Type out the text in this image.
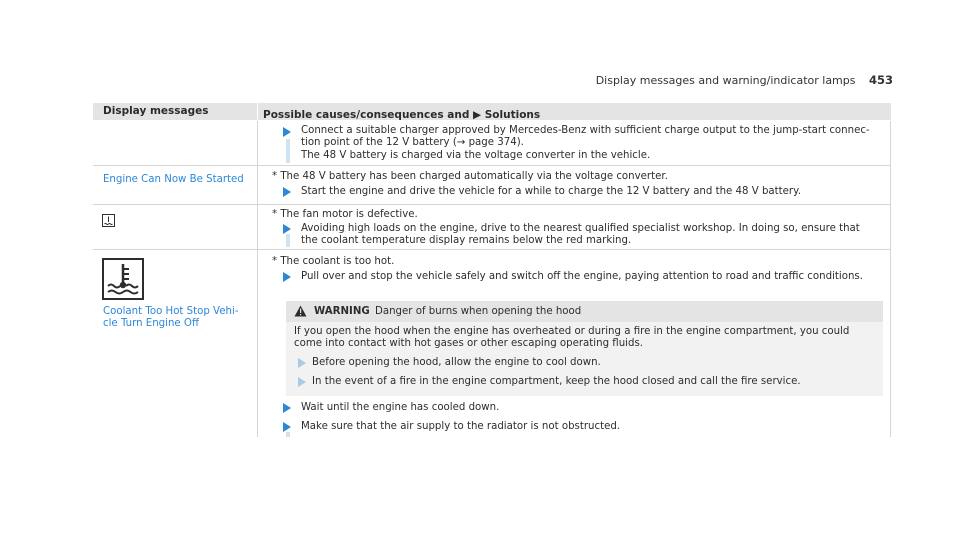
Display messages and warning/indicator lamps 453
Display messages	Possible causes/consequences and ▶ Solutions
Connect a suitable charger approved by Mercedes-Benz with sufficient charge output to the jump-start connec-
tion point of the 12 V battery (→ page 374).
The 48 V battery is charged via the voltage converter in the vehicle.
Engine Can Now Be Started	* The 48 V battery has been charged automatically via the voltage converter.
Start the engine and drive the vehicle for a while to charge the 12 V battery and the 48 V battery.
* The fan motor is defective.
Avoiding high loads on the engine, drive to the nearest qualified specialist workshop. In doing so, ensure that
the coolant temperature display remains below the red marking.
Coolant Too Hot Stop Vehi-
cle Turn Engine Off
* The coolant is too hot.
Pull over and stop the vehicle safely and switch off the engine, paying attention to road and traffic conditions.
WARNING Danger of burns when opening the hood
If you open the hood when the engine has overheated or during a fire in the engine compartment, you could
come into contact with hot gases or other escaping operating fluids.
Before opening the hood, allow the engine to cool down.
In the event of a fire in the engine compartment, keep the hood closed and call the fire service.
Wait until the engine has cooled down.
Make sure that the air supply to the radiator is not obstructed.
